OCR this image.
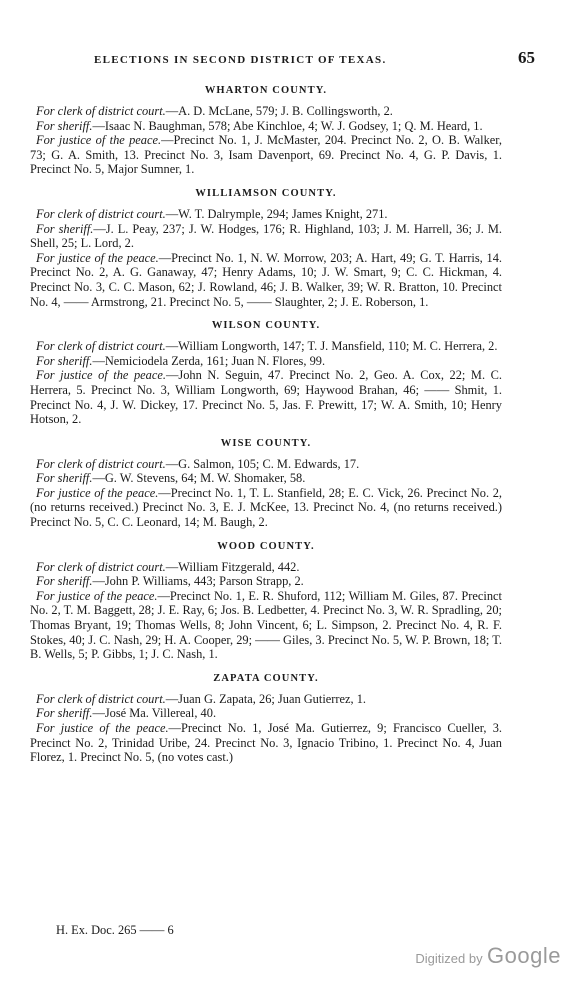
ELECTIONS IN SECOND DISTRICT OF TEXAS.	65
WHARTON COUNTY.

For clerk of district court.—A. D. McLane, 579; J. B. Collingsworth, 2.

For sheriff.—Isaac N. Baughman, 578; Abe Kinchloe, 4; W. J. Godsey, 1; Q. M. Heard, 1.

For justice of the peace.—Precinct No. 1, J. McMaster, 204. Precinct No. 2, O. B. Walker, 73; G. A. Smith, 13. Precinct No. 3, Isam Davenport, 69. Precinct No. 4, G. P. Davis, 1. Precinct No. 5, Major Sumner, 1.

WILLIAMSON COUNTY.

For clerk of district court.—W. T. Dalrymple, 294; James Knight, 271.

For sheriff.—J. L. Peay, 237; J. W. Hodges, 176; R. Highland, 103; J. M. Harrell, 36; J. M. Shell, 25; L. Lord, 2.

For justice of the peace.—Precinct No. 1, N. W. Morrow, 203; A. Hart, 49; G. T. Harris, 14. Precinct No. 2, A. G. Ganaway, 47; Henry Adams, 10; J. W. Smart, 9; C. C. Hickman, 4. Precinct No. 3, C. C. Mason, 62; J. Rowland, 46; J. B. Walker, 39; W. R. Bratton, 10. Precinct No. 4, —— Armstrong, 21. Precinct No. 5, —— Slaughter, 2; J. E. Roberson, 1.

WILSON COUNTY.

For clerk of district court.—William Longworth, 147; T. J. Mansfield, 110; M. C. Herrera, 2.

For sheriff.—Nemiciodela Zerda, 161; Juan N. Flores, 99.

For justice of the peace.—John N. Seguin, 47. Precinct No. 2, Geo. A. Cox, 22; M. C. Herrera, 5. Precinct No. 3, William Longworth, 69; Haywood Brahan, 46; —— Shmit, 1. Precinct No. 4, J. W. Dickey, 17. Precinct No. 5, Jas. F. Prewitt, 17; W. A. Smith, 10; Henry Hotson, 2.

WISE COUNTY.

For clerk of district court.—G. Salmon, 105; C. M. Edwards, 17.

For sheriff.—G. W. Stevens, 64; M. W. Shomaker, 58.

For justice of the peace.—Precinct No. 1, T. L. Stanfield, 28; E. C. Vick, 26. Precinct No. 2, (no returns received.) Precinct No. 3, E. J. McKee, 13. Precinct No. 4, (no returns received.) Precinct No. 5, C. C. Leonard, 14; M. Baugh, 2.

WOOD COUNTY.

For clerk of district court.—William Fitzgerald, 442.

For sheriff.—John P. Williams, 443; Parson Strapp, 2.

For justice of the peace.—Precinct No. 1, E. R. Shuford, 112; William M. Giles, 87. Precinct No. 2, T. M. Baggett, 28; J. E. Ray, 6; Jos. B. Ledbetter, 4. Precinct No. 3, W. R. Spradling, 20; Thomas Bryant, 19; Thomas Wells, 8; John Vincent, 6; L. Simpson, 2. Precinct No. 4, R. F. Stokes, 40; J. C. Nash, 29; H. A. Cooper, 29; —— Giles, 3. Precinct No. 5, W. P. Brown, 18; T. B. Wells, 5; P. Gibbs, 1; J. C. Nash, 1.

ZAPATA COUNTY.

For clerk of district court.—Juan G. Zapata, 26; Juan Gutierrez, 1.

For sheriff.—José Ma. Villereal, 40.

For justice of the peace.—Precinct No. 1, José Ma. Gutierrez, 9; Francisco Cueller, 3. Precinct No. 2, Trinidad Uribe, 24. Precinct No. 3, Ignacio Tribino, 1. Precinct No. 4, Juan Florez, 1. Precinct No. 5, (no votes cast.)

H. Ex. Doc. 265 —— 6
Digitized by Google
